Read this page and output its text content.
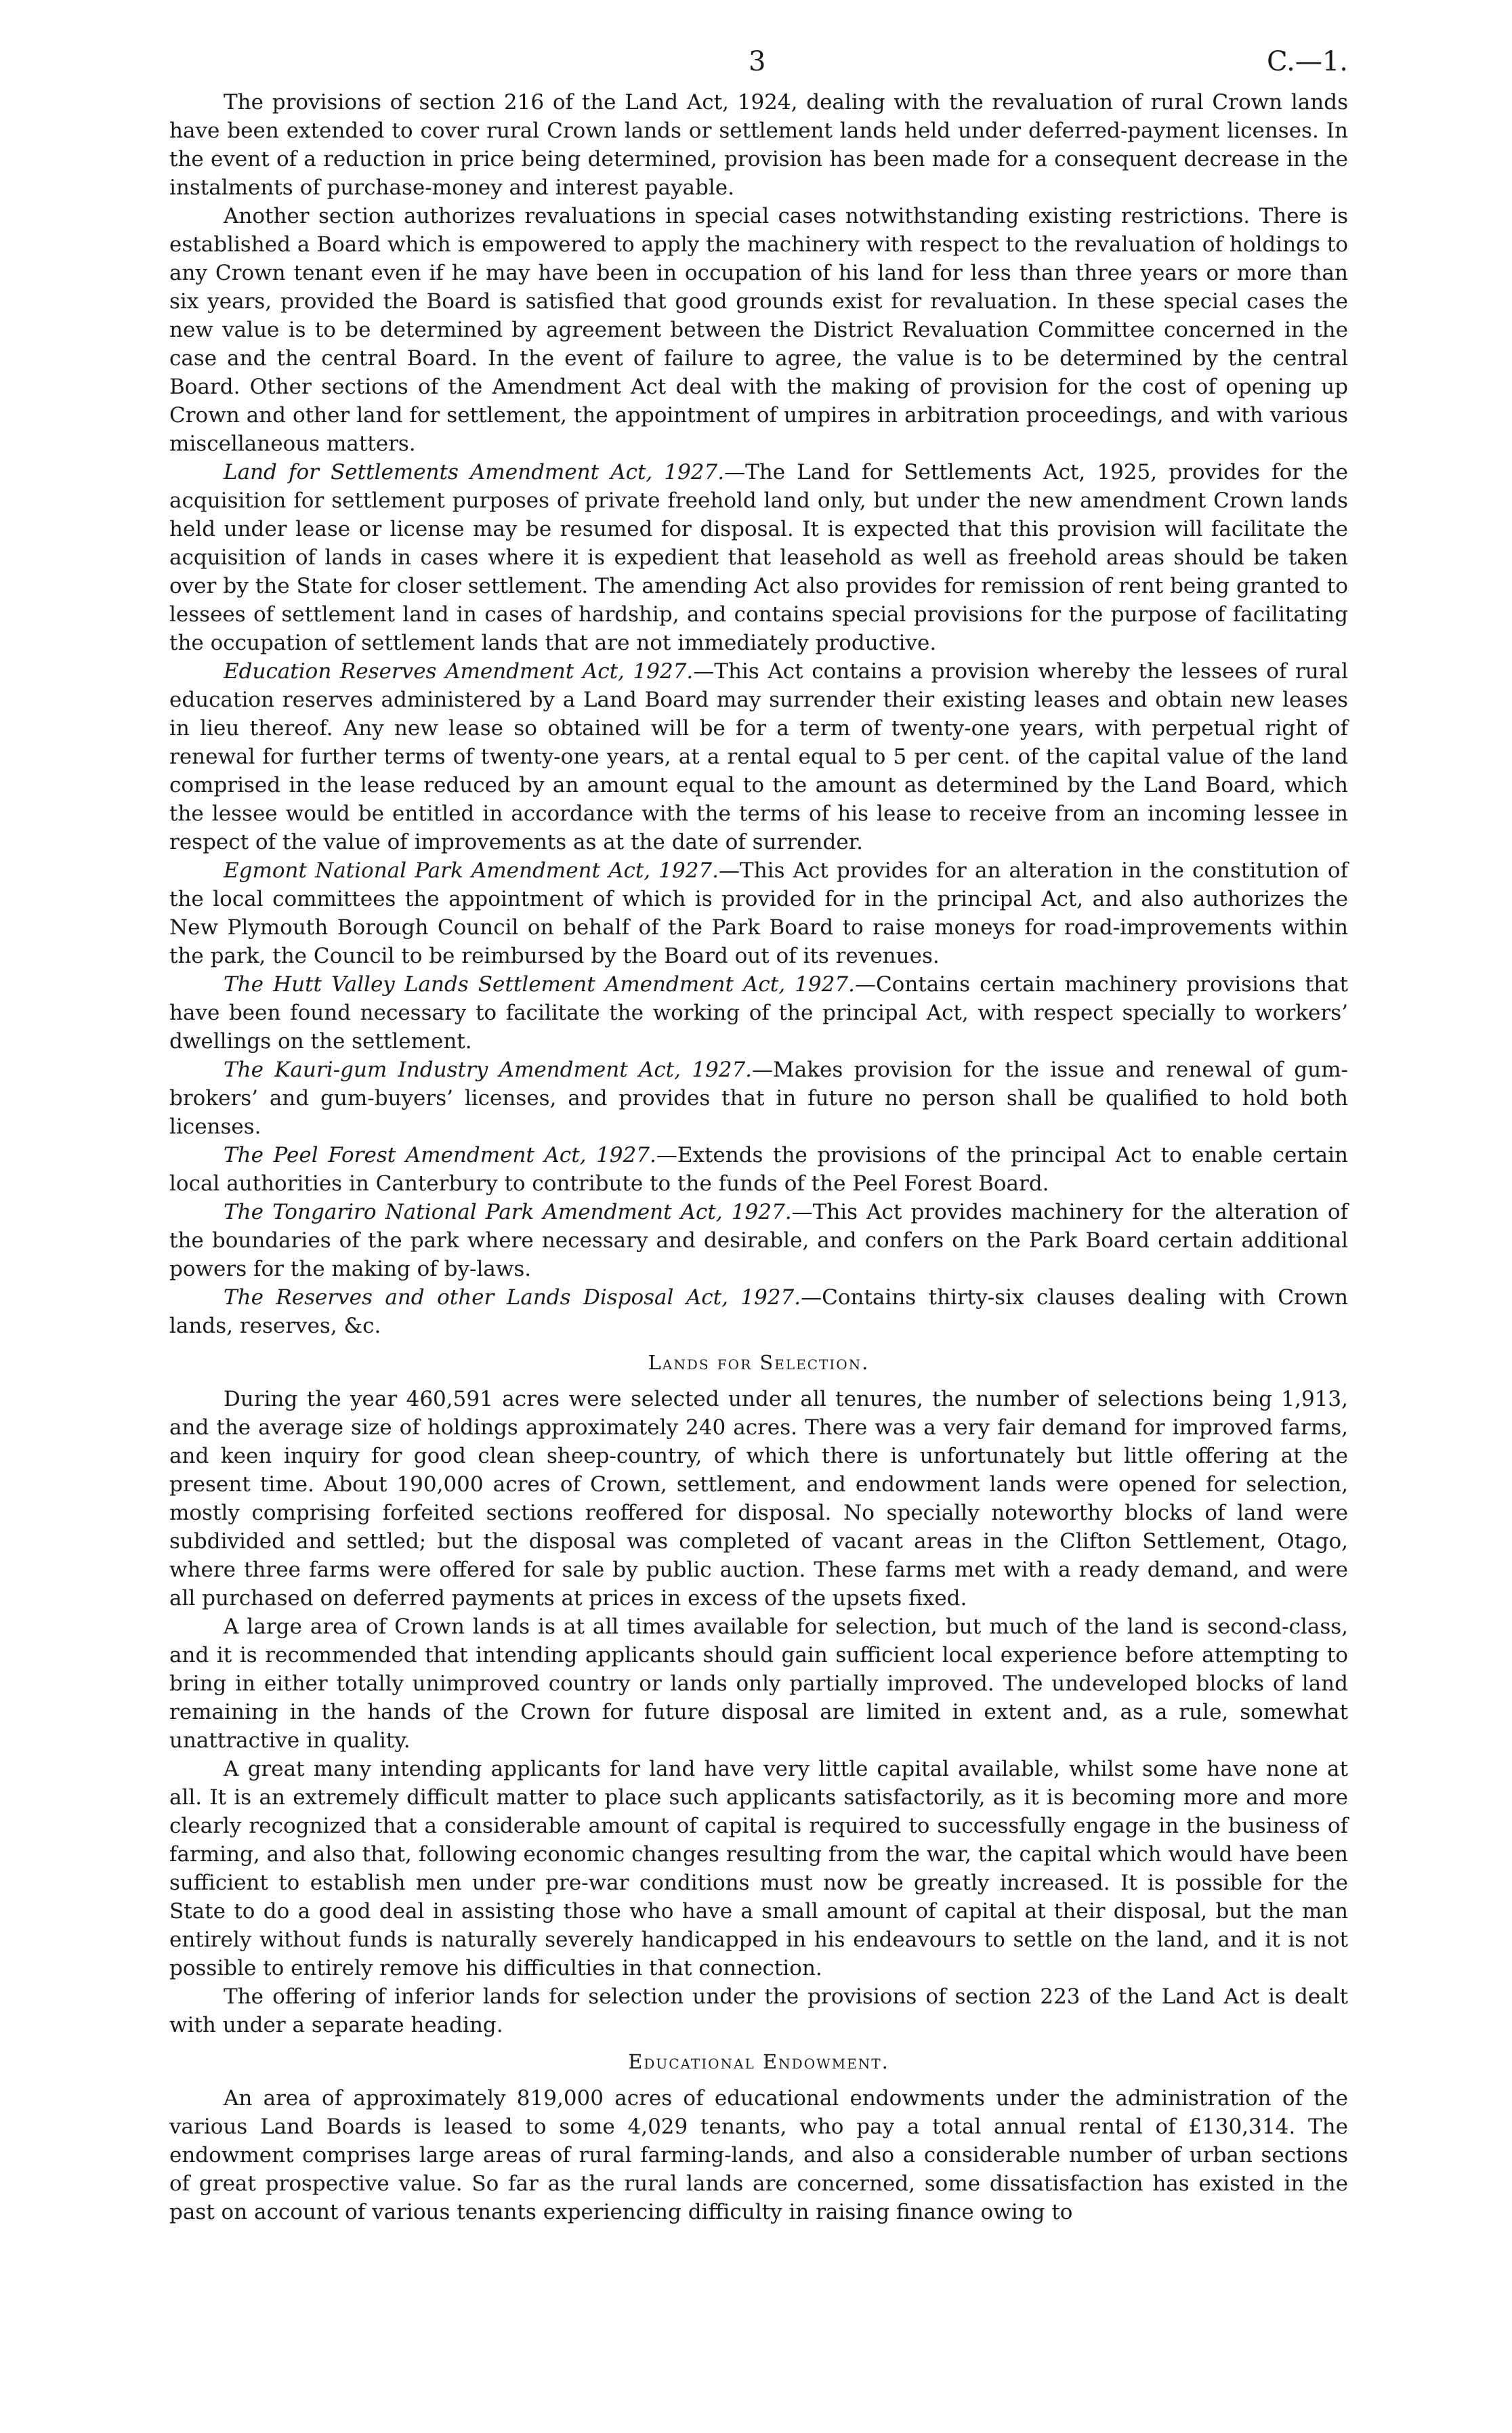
3	C.—1.

The provisions of section 216 of the Land Act, 1924, dealing with the revaluation of rural Crown lands have been extended to cover rural Crown lands or settlement lands held under deferred-payment licenses. In the event of a reduction in price being determined, provision has been made for a consequent decrease in the instalments of purchase-money and interest payable.

Another section authorizes revaluations in special cases notwithstanding existing restrictions. There is established a Board which is empowered to apply the machinery with respect to the revaluation of holdings to any Crown tenant even if he may have been in occupation of his land for less than three years or more than six years, provided the Board is satisfied that good grounds exist for revaluation. In these special cases the new value is to be determined by agreement between the District Revaluation Committee concerned in the case and the central Board. In the event of failure to agree, the value is to be determined by the central Board. Other sections of the Amendment Act deal with the making of provision for the cost of opening up Crown and other land for settlement, the appointment of umpires in arbitration proceedings, and with various miscellaneous matters.

Land for Settlements Amendment Act, 1927.—The Land for Settlements Act, 1925, provides for the acquisition for settlement purposes of private freehold land only, but under the new amendment Crown lands held under lease or license may be resumed for disposal. It is expected that this provision will facilitate the acquisition of lands in cases where it is expedient that leasehold as well as freehold areas should be taken over by the State for closer settlement. The amending Act also provides for remission of rent being granted to lessees of settlement land in cases of hardship, and contains special provisions for the purpose of facilitating the occupation of settlement lands that are not immediately productive.

Education Reserves Amendment Act, 1927.—This Act contains a provision whereby the lessees of rural education reserves administered by a Land Board may surrender their existing leases and obtain new leases in lieu thereof. Any new lease so obtained will be for a term of twenty-one years, with perpetual right of renewal for further terms of twenty-one years, at a rental equal to 5 per cent. of the capital value of the land comprised in the lease reduced by an amount equal to the amount as determined by the Land Board, which the lessee would be entitled in accordance with the terms of his lease to receive from an incoming lessee in respect of the value of improvements as at the date of surrender.

Egmont National Park Amendment Act, 1927.—This Act provides for an alteration in the constitution of the local committees the appointment of which is provided for in the principal Act, and also authorizes the New Plymouth Borough Council on behalf of the Park Board to raise moneys for road-improvements within the park, the Council to be reimbursed by the Board out of its revenues.

The Hutt Valley Lands Settlement Amendment Act, 1927.—Contains certain machinery provisions that have been found necessary to facilitate the working of the principal Act, with respect specially to workers’ dwellings on the settlement.

The Kauri-gum Industry Amendment Act, 1927.—Makes provision for the issue and renewal of gum-brokers’ and gum-buyers’ licenses, and provides that in future no person shall be qualified to hold both licenses.

The Peel Forest Amendment Act, 1927.—Extends the provisions of the principal Act to enable certain local authorities in Canterbury to contribute to the funds of the Peel Forest Board.

The Tongariro National Park Amendment Act, 1927.—This Act provides machinery for the alteration of the boundaries of the park where necessary and desirable, and confers on the Park Board certain additional powers for the making of by-laws.

The Reserves and other Lands Disposal Act, 1927.—Contains thirty-six clauses dealing with Crown lands, reserves, &c.

Lands for Selection.

During the year 460,591 acres were selected under all tenures, the number of selections being 1,913, and the average size of holdings approximately 240 acres. There was a very fair demand for improved farms, and keen inquiry for good clean sheep-country, of which there is unfortunately but little offering at the present time. About 190,000 acres of Crown, settlement, and endowment lands were opened for selection, mostly comprising forfeited sections reoffered for disposal. No specially noteworthy blocks of land were subdivided and settled; but the disposal was completed of vacant areas in the Clifton Settlement, Otago, where three farms were offered for sale by public auction. These farms met with a ready demand, and were all purchased on deferred payments at prices in excess of the upsets fixed.

A large area of Crown lands is at all times available for selection, but much of the land is second-class, and it is recommended that intending applicants should gain sufficient local experience before attempting to bring in either totally unimproved country or lands only partially improved. The undeveloped blocks of land remaining in the hands of the Crown for future disposal are limited in extent and, as a rule, somewhat unattractive in quality.

A great many intending applicants for land have very little capital available, whilst some have none at all. It is an extremely difficult matter to place such applicants satisfactorily, as it is becoming more and more clearly recognized that a considerable amount of capital is required to successfully engage in the business of farming, and also that, following economic changes resulting from the war, the capital which would have been sufficient to establish men under pre-war conditions must now be greatly increased. It is possible for the State to do a good deal in assisting those who have a small amount of capital at their disposal, but the man entirely without funds is naturally severely handicapped in his endeavours to settle on the land, and it is not possible to entirely remove his difficulties in that connection.

The offering of inferior lands for selection under the provisions of section 223 of the Land Act is dealt with under a separate heading.

Educational Endowment.

An area of approximately 819,000 acres of educational endowments under the administration of the various Land Boards is leased to some 4,029 tenants, who pay a total annual rental of £130,314. The endowment comprises large areas of rural farming-lands, and also a considerable number of urban sections of great prospective value. So far as the rural lands are concerned, some dissatisfaction has existed in the past on account of various tenants experiencing difficulty in raising finance owing to
